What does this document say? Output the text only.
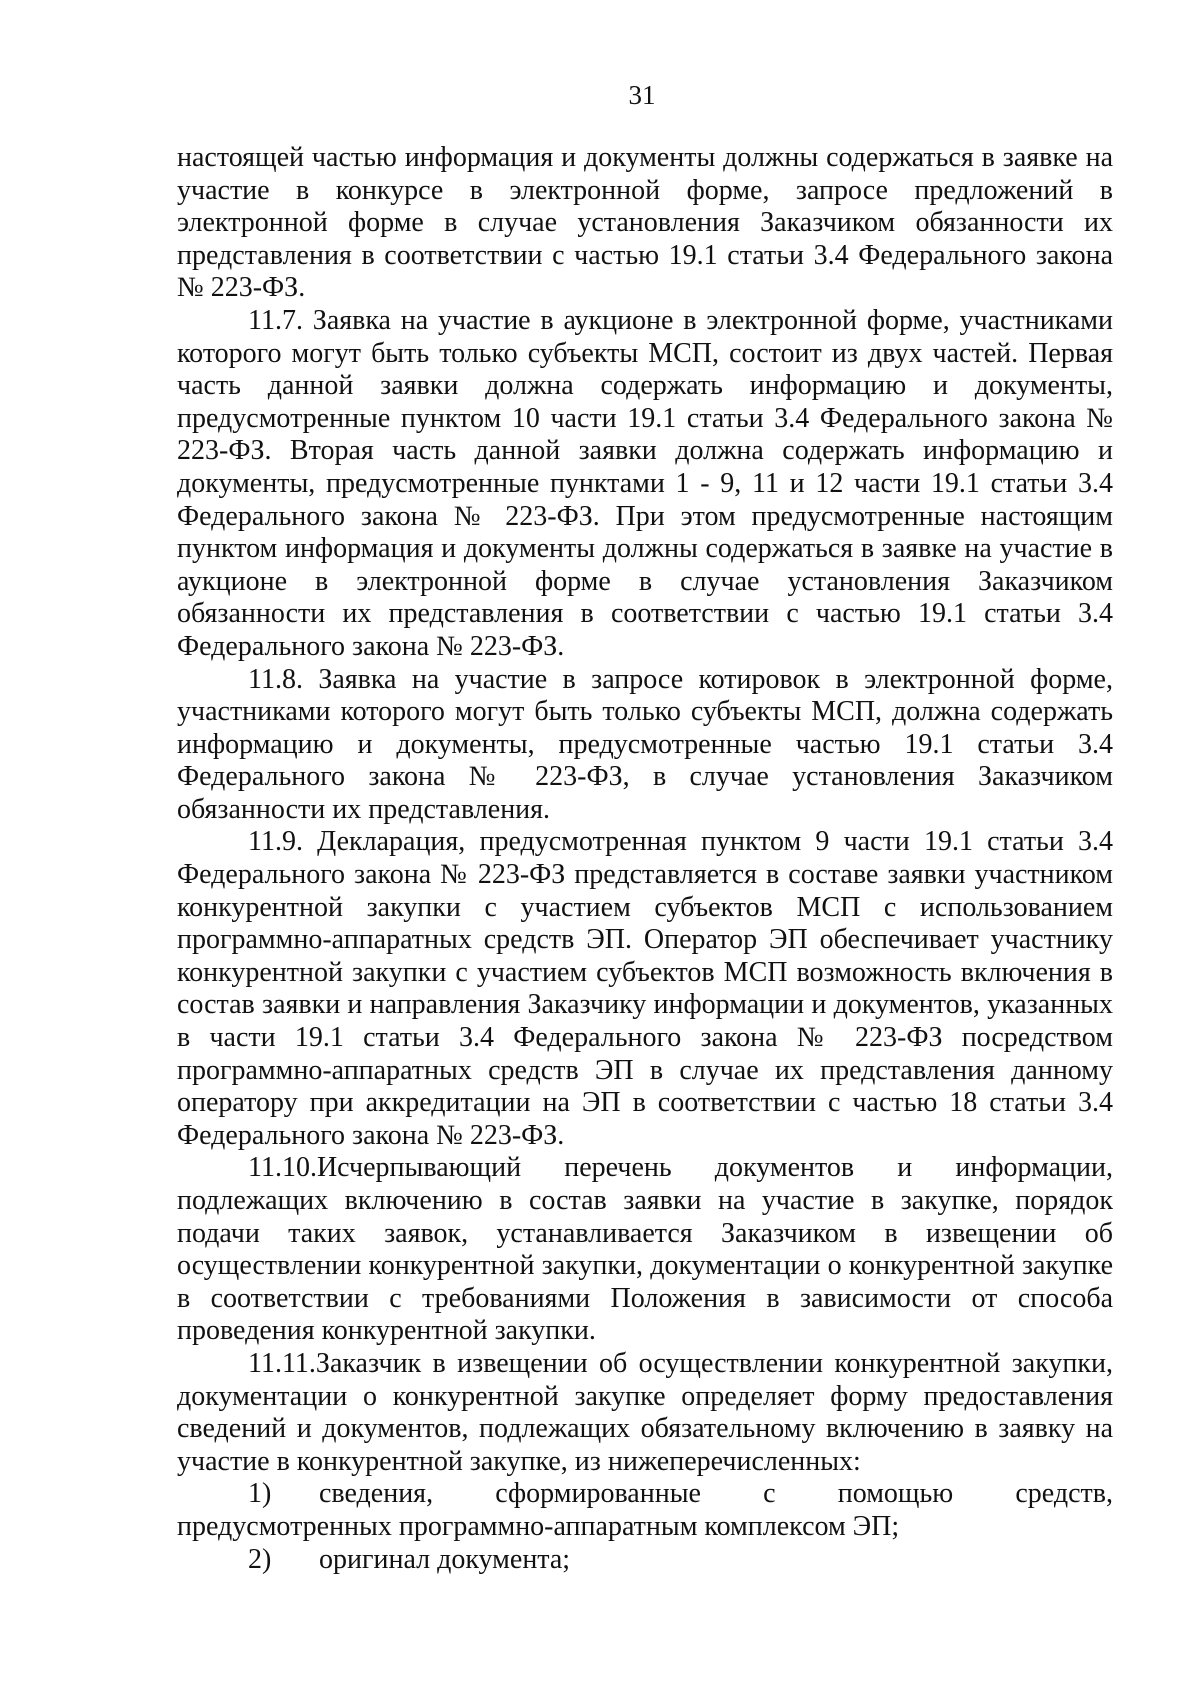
31

настоящей частью информация и документы должны содержаться в заявке на участие в конкурсе в электронной форме, запросе предложений в электронной форме в случае установления Заказчиком обязанности их представления в соответствии с частью 19.1 статьи 3.4 Федерального закона № 223-ФЗ.

11.7. Заявка на участие в аукционе в электронной форме, участниками которого могут быть только субъекты МСП, состоит из двух частей. Первая часть данной заявки должна содержать информацию и документы, предусмотренные пунктом 10 части 19.1 статьи 3.4 Федерального закона № 223-ФЗ. Вторая часть данной заявки должна содержать информацию и документы, предусмотренные пунктами 1 - 9, 11 и 12 части 19.1 статьи 3.4 Федерального закона № 223-ФЗ. При этом предусмотренные настоящим пунктом информация и документы должны содержаться в заявке на участие в аукционе в электронной форме в случае установления Заказчиком обязанности их представления в соответствии с частью 19.1 статьи 3.4 Федерального закона № 223-ФЗ.

11.8. Заявка на участие в запросе котировок в электронной форме, участниками которого могут быть только субъекты МСП, должна содержать информацию и документы, предусмотренные частью 19.1 статьи 3.4 Федерального закона № 223-ФЗ, в случае установления Заказчиком обязанности их представления.

11.9. Декларация, предусмотренная пунктом 9 части 19.1 статьи 3.4 Федерального закона № 223-ФЗ представляется в составе заявки участником конкурентной закупки с участием субъектов МСП с использованием программно-аппаратных средств ЭП. Оператор ЭП обеспечивает участнику конкурентной закупки с участием субъектов МСП возможность включения в состав заявки и направления Заказчику информации и документов, указанных в части 19.1 статьи 3.4 Федерального закона № 223-ФЗ посредством программно-аппаратных средств ЭП в случае их представления данному оператору при аккредитации на ЭП в соответствии с частью 18 статьи 3.4 Федерального закона № 223-ФЗ.

11.10.Исчерпывающий перечень документов и информации, подлежащих включению в состав заявки на участие в закупке, порядок подачи таких заявок, устанавливается Заказчиком в извещении об осуществлении конкурентной закупки, документации о конкурентной закупке в соответствии с требованиями Положения в зависимости от способа проведения конкурентной закупки.

11.11.Заказчик в извещении об осуществлении конкурентной закупки, документации о конкурентной закупке определяет форму предоставления сведений и документов, подлежащих обязательному включению в заявку на участие в конкурентной закупке, из нижеперечисленных:

1)	сведения, сформированные с помощью средств,

предусмотренных программно-аппаратным комплексом ЭП;

2)	оригинал документа;
